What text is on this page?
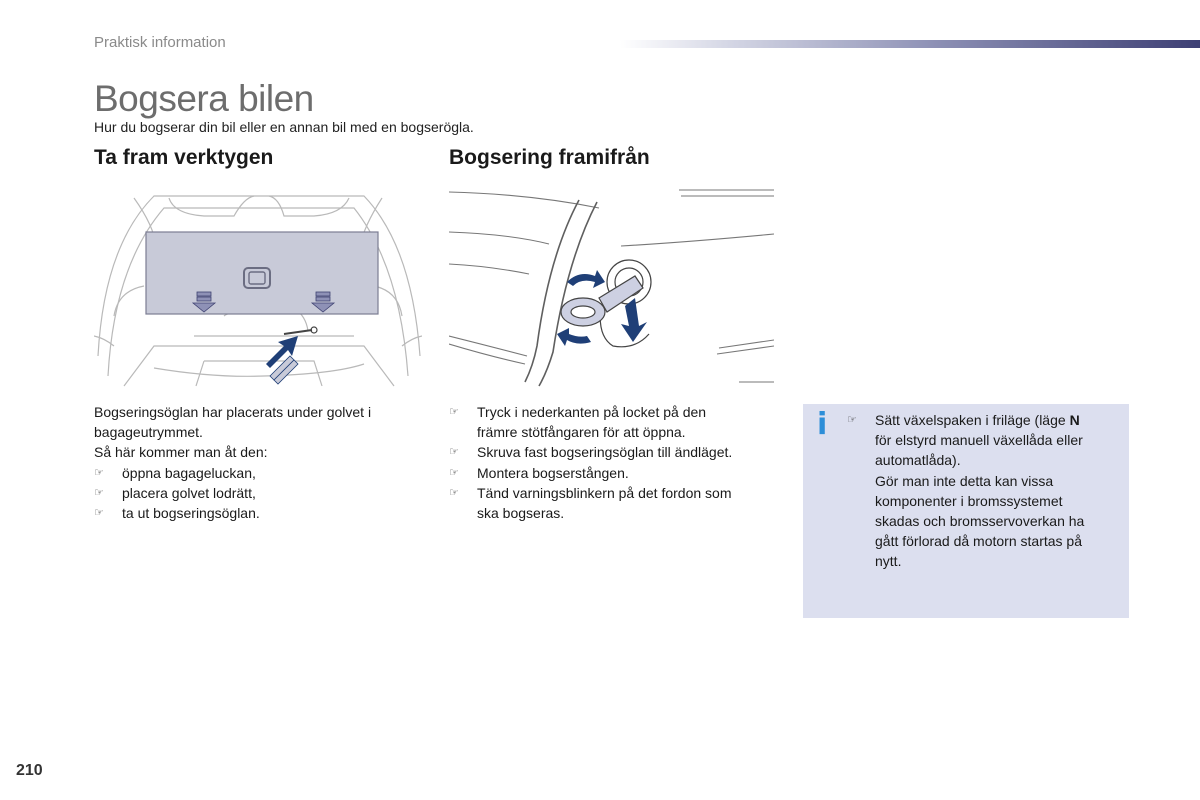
Praktisk information
Bogsera bilen
Hur du bogserar din bil eller en annan bil med en bogserögla.
Ta fram verktygen	Bogsering framifrån

Bogseringsöglan har placerats under golvet i

bagageutrymmet.

Så här kommer man åt den:

☞ öppna bagageluckan,

☞ placera golvet lodrätt,

☞ ta ut bogseringsöglan.

☞ Tryck i nederkanten på locket på den
främre stötfångaren för att öppna.
☞ Skruva fast bogseringsöglan till ändläget.
☞ Montera bogserstången.
☞ Tänd varningsblinkern på det fordon som
ska bogseras.
i	☞ Sätt växelspaken i friläge (läge N
för elstyrd manuell växellåda eller
automatlåda).
Gör man inte detta kan vissa
komponenter i bromssystemet
skadas och bromsservoverkan ha
gått förlorad då motorn startas på
nytt.
210
